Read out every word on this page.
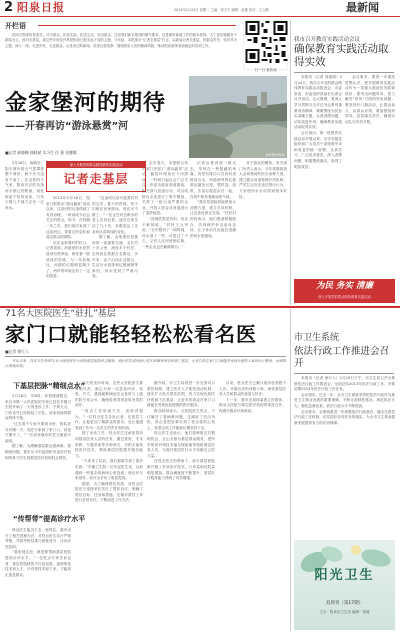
2 阳泉日报	2014年2月25日 星期二 主编：张文平 编辑：赵雅 校对：王文静	最新闻
开栏语

世间万物来的是喜乐，冲当群众，拓近实际，拓近生活，拓近群众，这是我们新社报成的精气要求，这是做好新闻工作的根本原则。为了更好地服务于新闻办公，而对走基层，真这些年转变作风是阳泉日报永远不变的主题，今年起，本报推出“记者走基层”栏目，以新闻记者走基层、听群众声音、转作风为主题，深入一线，走进乡村，走近群众，记录身边的新闻，讲述百姓故事，展现阳泉人民的精神风貌，推动阳泉改革发展稳定的各项工作。

扫一扫 看新闻
金家堡河现状
金家堡河的期待
——开春再访“游泳悬赏”河
■记者 郝晓峰 顾晓斌 实习生 任 强 张娜娜
深入开展党的群众路线教育实践活动
记者走基层

2月18日，雨渐后，阴天寒冷的天气笼罩着整个城市，两个多月没有下雨了。在这样的天气里，阳泉市区的各条河水都已经断流，到处都是干枯的河床，只有少数几个地方还有一汪浑水。

2013年2月18日，阳泉日报推出“游泳悬赏”活动以来，这条河的污染得到了有效治理，一时间成为社会关注的焦点。如今，在时隔一年之后，我们再次来到了这条河边，看看它的变化和周边群众的期待。

站在金家堡村的村口，记者看到，河道里的水依然显得有些浑浊，散发着一股淡淡的异味，与一年前相比，河道的垃圾明显减少了，两岸的环境也有了一定的改善。

“这条河以前可是我们村的宝贝，夏天的时候，孩子们都在河里游泳，现在可不敢了。”一位正在河边散步的老人告诉记者，他在这里生活了几十年，亲眼见证了这条河从清到浊的变化。

据了解，金家堡河是桃河的一条重要支流，全长约十多公里，流经多个村庄，沿线居住着数万名群众，多年来，由于沿线企业排污、生活污水直排和垃圾倾倒等原因，河水受到了严重污染。

去年春天，本报联合有关部门开展了“游泳悬赏”活动，悬赏环保局长下河游泳，一时间引起社会广泛关注，市委市政府高度重视，相关部门迅速行动，对沿线排污企业进行了集中整治，关停了一批污染严重的企业，并投入资金对河道进行了清淤疏浚。

“治理效果是有的，但还不够彻底。”村民王大爷说，“去年整治了一段时间，河水清了一些，可是过了不久，又有人往河里倒垃圾，一些企业也在偷偷排污。”

记者沿着河道一路走去，发现在一些隐蔽的角落，仍然有排污口在向河里排放污水，河道两旁的垃圾堆也随处可见，塑料袋、废纸、生活垃圾混杂在一起，在风中散发着难闻的气味。

“我们希望政府能够加大治理力度，建立长效机制，让这条河真正变清。”村民们纷纷表示，他们愿意积极配合，共同保护好这条母亲河，让子孙后代也能在清澈的河水里嬉戏。

对于群众的期待，有关部门负责人表示，今年将继续加大金家堡河的综合治理力度，建立健全河道管理长效机制，严厉打击各类违法排污行为，力争使河水水质得到根本好转。

我市召开教育实践活动会议
确保教育实践活动取得实效

本报讯（记者 刘丽娟）2月24日，我市召开党的群众路线教育实践活动推进会，市委常委、市委组织部部长出席会议并讲话。会议强调，要深入学习贯彻习近平总书记系列重要讲话精神，紧紧围绕为民务实清廉主题，认真查摆问题，切实改进作风，确保教育实践活动取得实效。

会议指出，第一批教育实践活动开展以来，全市各级党组织和广大党员干部按照中央和省委的统一部署，认真学习、广泛征求意见、深入查摆问题、积极整改落实，取得了明显成效。

会议要求，要进一步提高思想认识，把开展教育实践活动作为一项重大政治任务抓紧抓好；要突出问题导向，着力解决“四风”方面的突出问题；要坚持开门搞活动，让群众参与、由群众评判；要加强组织领导，层层落实责任，确保活动扎实有效开展。

为民 务实 清廉
深入开展党的群众路线教育实践活动
71名大医院医生“驻扎”基层
家门口就能轻轻松松看名医
■记者 徐行人

开年以来，我市卫生系统71名大医院医生分别到基层医院驻点服务，他们把先进的医疗技术和服务理念带到了基层，让老百姓在家门口就能享受到大医院专家的诊疗服务，受到群众普遍欢迎。

下基层把脉“精细点水”

2月18日，早8时，伴着缕缕阳光，来自市第一人民医院的专家已经在乡镇卫生院开始了一天的坐诊工作，不到九点，门诊室外已经排起了长队，前来看病的群众络绎不绝。

“过去看个专家号要到市里，排队挂号折腾一天，现在专家到了家门口，真是方便多了。”一位前来就诊的老大娘高兴地说。

据了解，为缓解基层群众看病难、看病贵问题，我市从今年起组织市直医疗机构的骨干医生到基层医疗机构驻点帮扶。

“传帮带”提高诊疗水平

保证医生能沉下去，留得住，我市出台了相关管理办法，对驻点医生实行严格考核，并将考核结果与职称晋升、评优评先挂钩。

“我来到这里，就是要帮助基层医院提高诊疗水平。”一位驻点专家告诉记者，基层医院缺的不仅是设备，更缺的是技术和人才，只有把技术留下来，才能真正惠及群众。

每天的坐诊时间，这些大医院医生都尽职尽责，耐心为每一位患者问诊、检查、开方，遇到疑难病症还会及时与上级医院专家会诊，确保患者得到及时有效的治疗。

“驻点工作时间不长，但收获很大。”一位驻点医生告诉记者，在基层工作，让他更加了解群众的需求，也让他感受到了作为一名医生的责任和价值。

除了坐诊之外，驻点医生还承担着培训基层医务人员的任务，通过查房、手术带教、专题讲座等多种形式，手把手地传授医疗技术，帮助基层医院提升服务能力。

“专家来了以后，我们跟着学到了很多东西。”乡镇卫生院一位年轻医生说，以前遇到一些复杂的病例心里没底，现在有专家指导，诊疗水平有了明显提高。

据悉，为了确保帮扶效果，各驻点医院还与受援单位签订了帮扶协议，明确了帮扶目标、任务和措施，定期对帮扶工作进行总结评估，不断改进工作方法。

据介绍，市卫生局将进一步完善对口帮扶机制，建立医疗人才柔性流动机制，逐步扩大驻点帮扶范围，努力实现优质医疗资源下沉基层，让更多的群众在家门口就能享受到优质便捷的医疗服务。

群众纷纷表示，大医院医生驻点，不仅解决了看病难问题，还减轻了经济负担，真正是把好事办到了老百姓的心坎上，希望这项工作能够长期坚持下去。

驻点医生也表示，他们将珍惜这次锻炼机会，全心全意为基层群众服务，把所学的知识和技术毫无保留地传授给基层医务人员，为提升基层医疗水平贡献自己的力量。

在驻点医生的帮助下，部分基层医院新开展了多项诊疗技术，门诊量和住院量明显增加，群众满意度不断提升，基层医疗服务能力得到了有效增强。

目前，驻点医生已累计接诊患者数千人次，开展各类培训数十场，深受基层医务人员和群众的欢迎与好评。

下一步，我市还将探索建立医联体，推动大医院与基层医疗机构的深度合作，构建分级诊疗新格局。

市卫生系统
依法行政工作推进会召开

本报讯（记者 徐行人）2月19日下午，市卫生局召开全系统依法行政工作推进会，全面总结2013年依法行政工作，安排部署2014年依法行政工作任务。

会议指出，过去一年，全市卫生系统坚持把依法行政作为推进卫生事业发展的重要保障，不断完善制度建设，规范执法行为，强化监督检查，依法行政水平不断提高。

会议要求，全系统要进一步增强依法行政意识，健全完善依法行政工作机制，切实抓好各项任务的落实，为全市卫生事业健康发展提供有力的法治保障。

阳光卫生
双周刊（第17期）
主办：阳泉市卫生局 编辑：张娜
